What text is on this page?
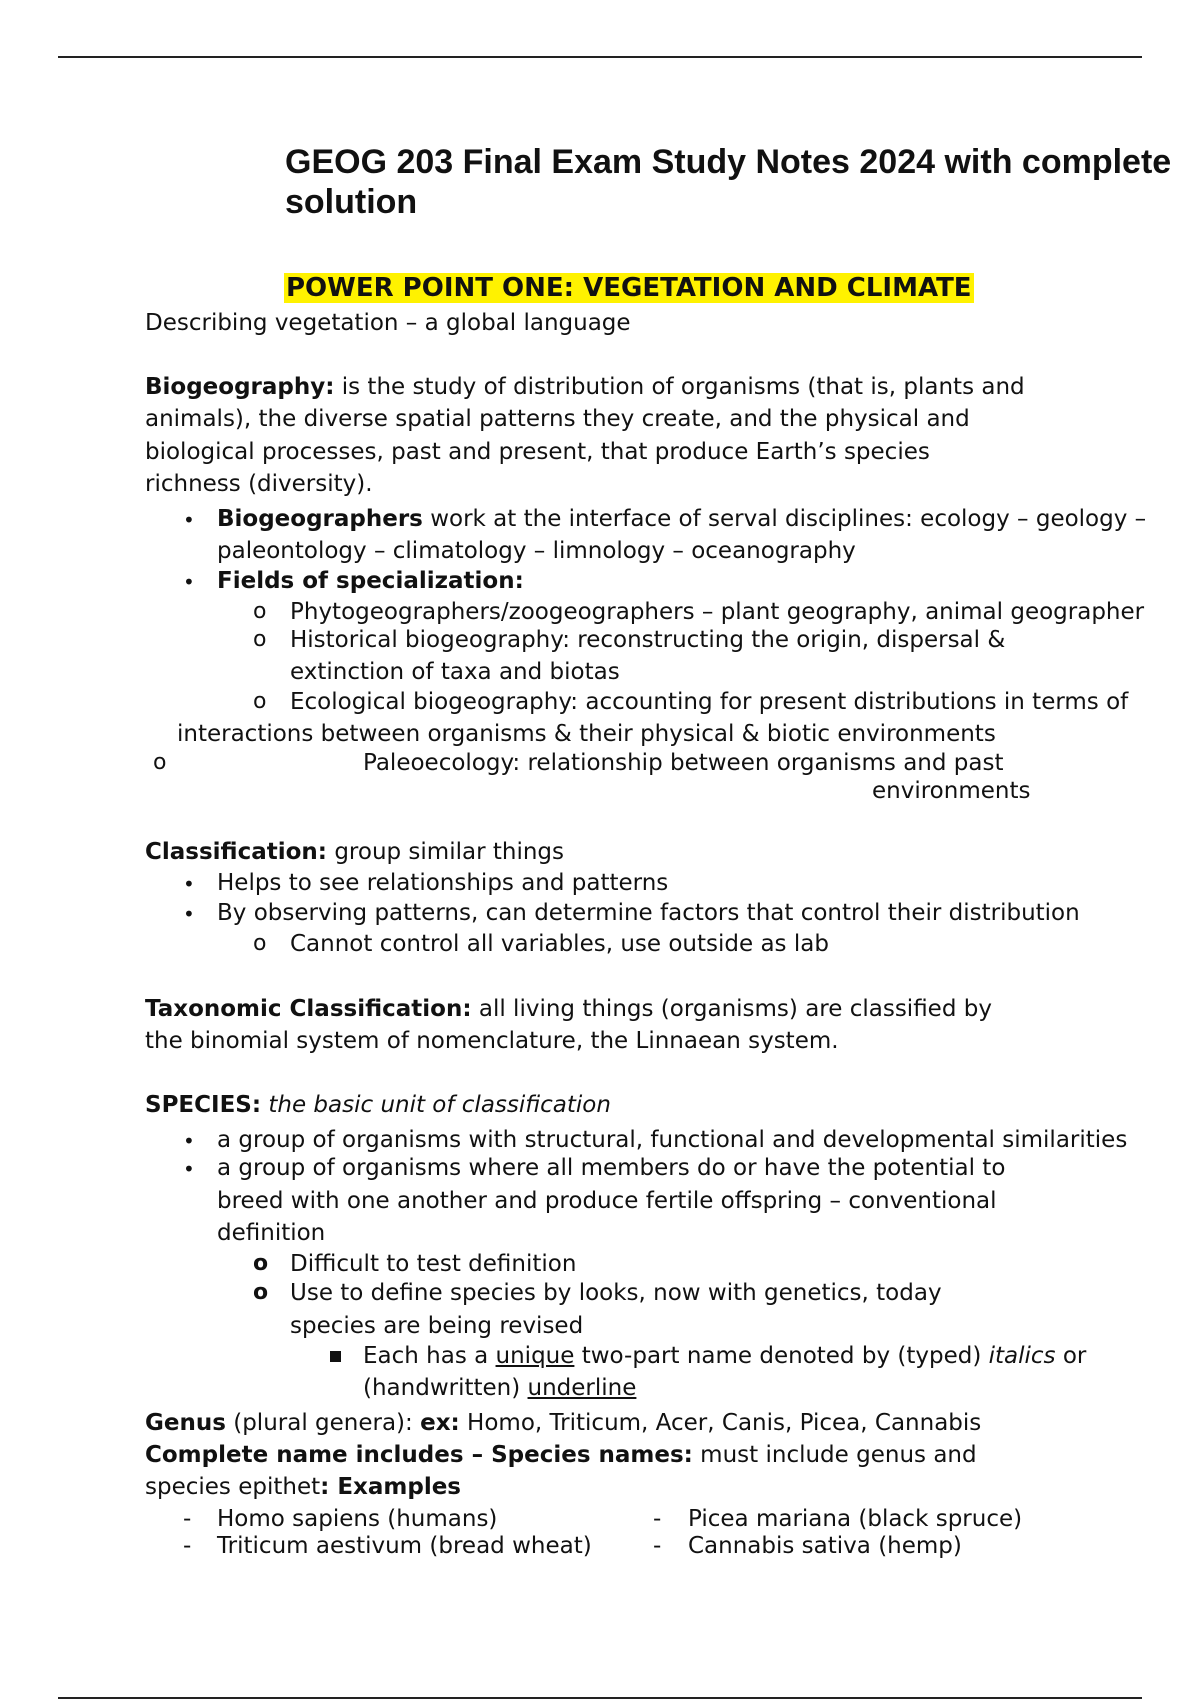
GEOG 203 Final Exam Study Notes 2024 with complete solution
POWER POINT ONE: VEGETATION AND CLIMATE
Describing vegetation – a global language
Biogeography: is the study of distribution of organisms (that is, plants and
animals), the diverse spatial patterns they create, and the physical and
biological processes, past and present, that produce Earth’s species
richness (diversity).
• Biogeographers work at the interface of serval disciplines: ecology – geology –
paleontology – climatology – limnology – oceanography
• Fields of specialization:
o Phytogeographers/zoogeographers – plant geography, animal geographer
o Historical biogeography: reconstructing the origin, dispersal &
extinction of taxa and biotas
o Ecological biogeography: accounting for present distributions in terms of
interactions between organisms & their physical & biotic environments
o	Paleoecology: relationship between organisms and past
environments
Classification: group similar things
• Helps to see relationships and patterns
• By observing patterns, can determine factors that control their distribution
o Cannot control all variables, use outside as lab
Taxonomic Classification: all living things (organisms) are classified by
the binomial system of nomenclature, the Linnaean system.
SPECIES: the basic unit of classification
• a group of organisms with structural, functional and developmental similarities
• a group of organisms where all members do or have the potential to
breed with one another and produce fertile offspring – conventional
definition
o Difficult to test definition
o Use to define species by looks, now with genetics, today
species are being revised
Each has a unique two-part name denoted by (typed) italics or
(handwritten) underline
Genus (plural genera): ex: Homo, Triticum, Acer, Canis, Picea, Cannabis
Complete name includes – Species names: must include genus and
species epithet: Examples
- Homo sapiens (humans)
- Triticum aestivum (bread wheat)
- Picea mariana (black spruce)
- Cannabis sativa (hemp)
